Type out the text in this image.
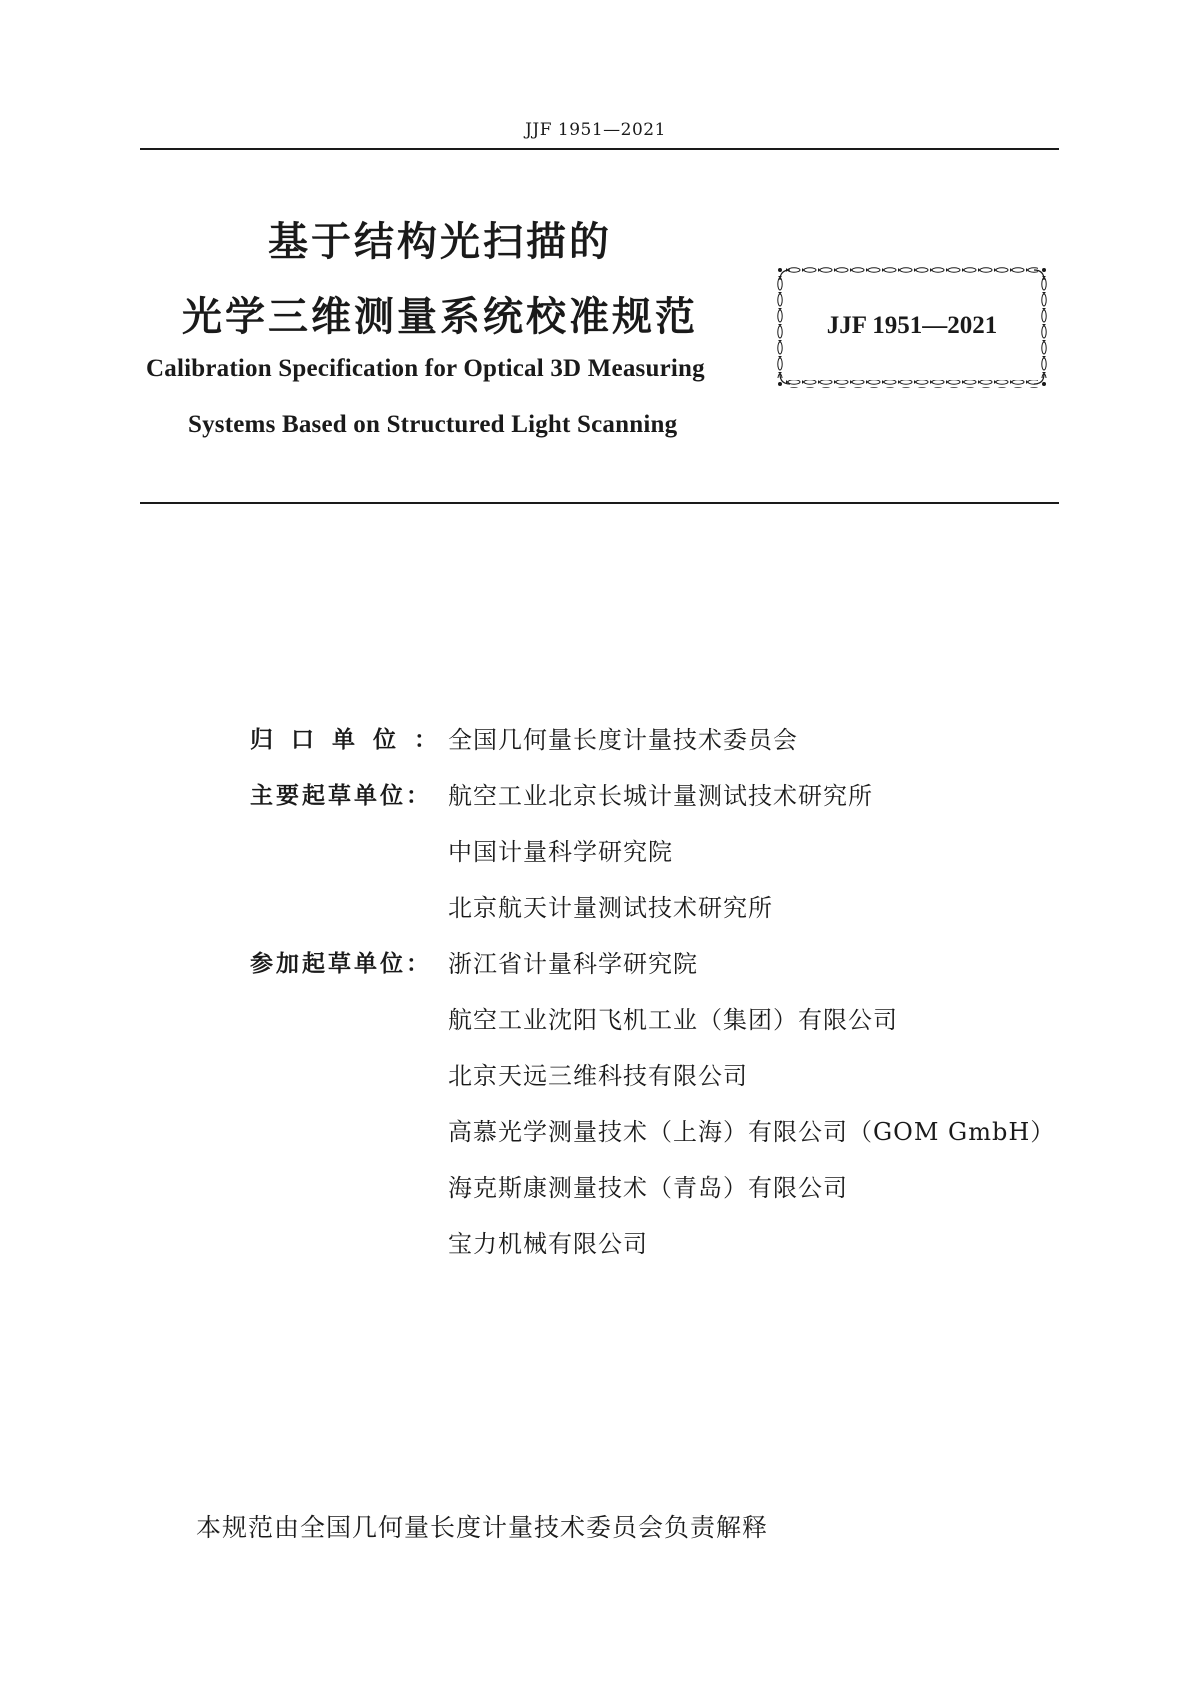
JJF 1951—2021
基于结构光扫描的
光学三维测量系统校准规范
Calibration Specification for Optical 3D Measuring
Systems Based on Structured Light Scanning
JJF 1951—2021
归口单位：
全国几何量长度计量技术委员会
主要起草单位： 航空工业北京长城计量测试技术研究所
中国计量科学研究院
北京航天计量测试技术研究所
参加起草单位： 浙江省计量科学研究院
航空工业沈阳飞机工业（集团）有限公司
北京天远三维科技有限公司
高慕光学测量技术（上海）有限公司（GOM GmbH）
海克斯康测量技术（青岛）有限公司
宝力机械有限公司
本规范由全国几何量长度计量技术委员会负责解释
